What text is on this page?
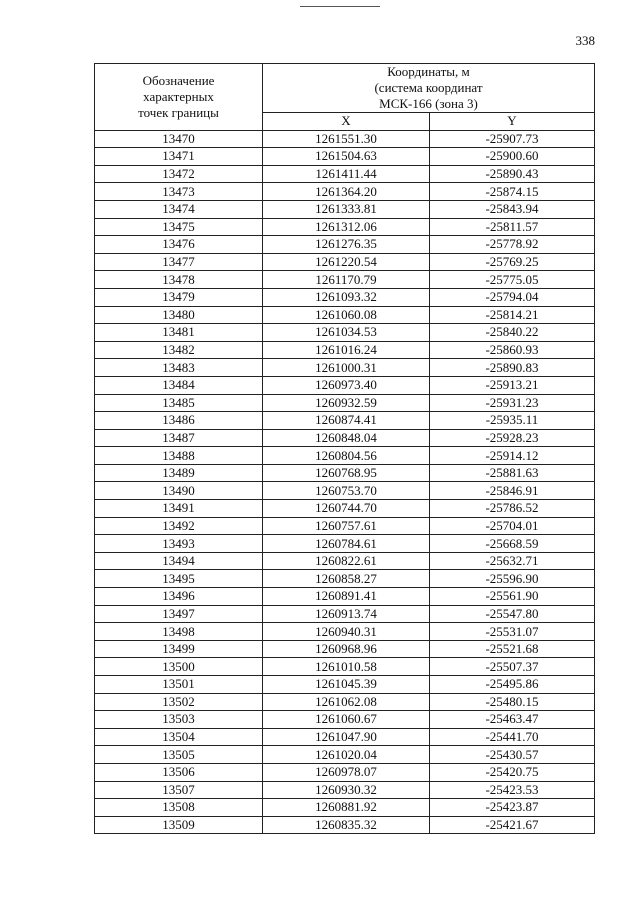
338
Обозначение
характерных
точек границы	Координаты, м
(система координат
МСК-166 (зона 3)	
	X	Y
13470	1261551.30	-25907.73
13471	1261504.63	-25900.60
13472	1261411.44	-25890.43
13473	1261364.20	-25874.15
13474	1261333.81	-25843.94
13475	1261312.06	-25811.57
13476	1261276.35	-25778.92
13477	1261220.54	-25769.25
13478	1261170.79	-25775.05
13479	1261093.32	-25794.04
13480	1261060.08	-25814.21
13481	1261034.53	-25840.22
13482	1261016.24	-25860.93
13483	1261000.31	-25890.83
13484	1260973.40	-25913.21
13485	1260932.59	-25931.23
13486	1260874.41	-25935.11
13487	1260848.04	-25928.23
13488	1260804.56	-25914.12
13489	1260768.95	-25881.63
13490	1260753.70	-25846.91
13491	1260744.70	-25786.52
13492	1260757.61	-25704.01
13493	1260784.61	-25668.59
13494	1260822.61	-25632.71
13495	1260858.27	-25596.90
13496	1260891.41	-25561.90
13497	1260913.74	-25547.80
13498	1260940.31	-25531.07
13499	1260968.96	-25521.68
13500	1261010.58	-25507.37
13501	1261045.39	-25495.86
13502	1261062.08	-25480.15
13503	1261060.67	-25463.47
13504	1261047.90	-25441.70
13505	1261020.04	-25430.57
13506	1260978.07	-25420.75
13507	1260930.32	-25423.53
13508	1260881.92	-25423.87
13509	1260835.32	-25421.67
